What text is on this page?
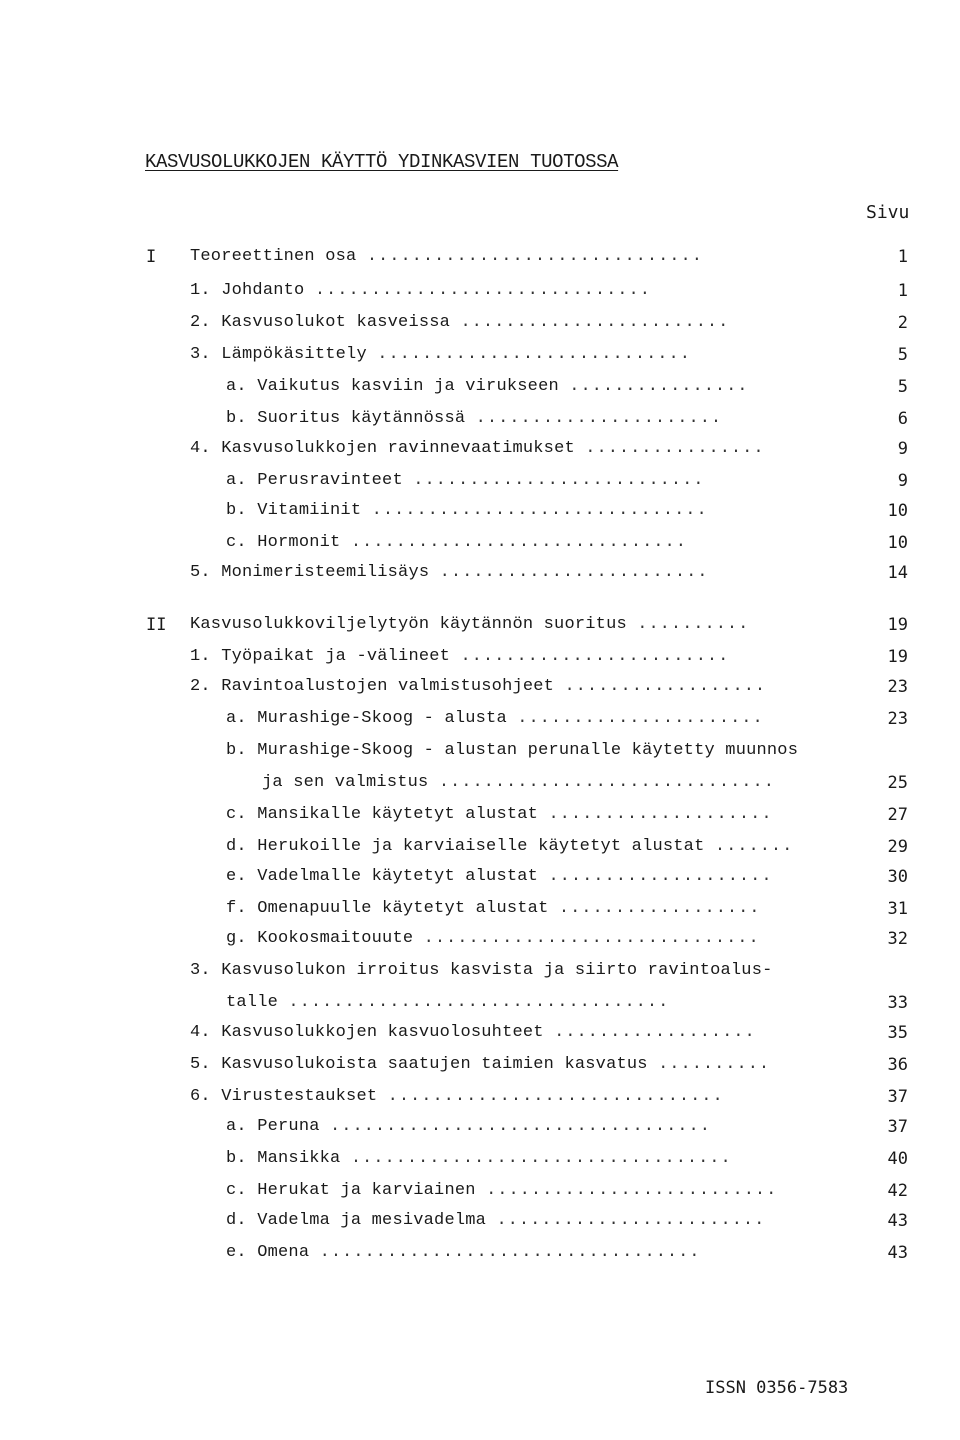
KASVUSOLUKKOJEN KÄYTTÖ YDINKASVIEN TUOTOSSA
Sivu
I Teoreettinen osa ..............................	1
1. Johdanto ..............................	1
2. Kasvusolukot kasveissa ........................	2
3. Lämpökäsittely ............................	5
a. Vaikutus kasviin ja virukseen ................	5
b. Suoritus käytännössä ......................	6
4. Kasvusolukkojen ravinnevaatimukset ................	9
a. Perusravinteet ..........................	9
b. Vitamiinit ..............................	10
c. Hormonit ..............................	10
5. Monimeristeemilisäys ........................	14
II Kasvusolukkoviljelytyön käytännön suoritus ..........	19
1. Työpaikat ja -välineet ........................	19
2. Ravintoalustojen valmistusohjeet ..................	23
a. Murashige-Skoog - alusta ......................	23
b. Murashige-Skoog - alustan perunalle käytetty muunnos
ja sen valmistus ..............................	25
c. Mansikalle käytetyt alustat ....................	27
d. Herukoille ja karviaiselle käytetyt alustat .......	29
e. Vadelmalle käytetyt alustat ....................	30
f. Omenapuulle käytetyt alustat ..................	31
g. Kookosmaitouute ..............................	32
3. Kasvusolukon irroitus kasvista ja siirto ravintoalus-
talle ..................................	33
4. Kasvusolukkojen kasvuolosuhteet ..................	35
5. Kasvusolukoista saatujen taimien kasvatus ..........	36
6. Virustestaukset ..............................	37
a. Peruna ..................................	37
b. Mansikka ..................................	40
c. Herukat ja karviainen ..........................	42
d. Vadelma ja mesivadelma ........................	43
e. Omena ..................................	43
ISSN 0356-7583
